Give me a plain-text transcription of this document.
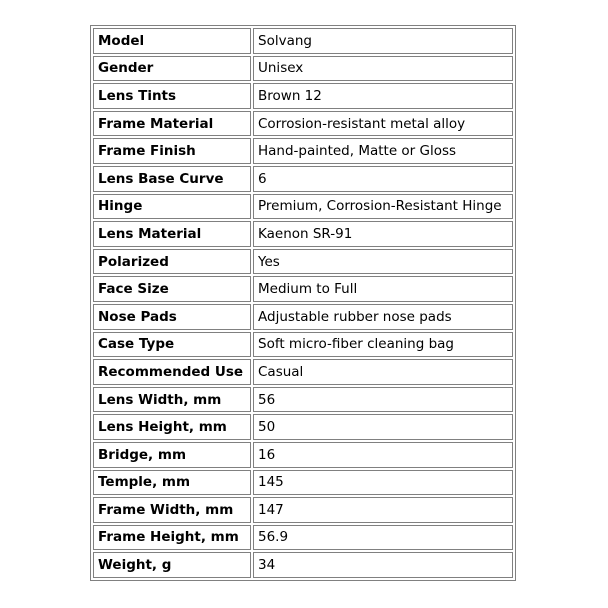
Model	Solvang
Gender	Unisex
Lens Tints	Brown 12
Frame Material	Corrosion-resistant metal alloy
Frame Finish	Hand-painted, Matte or Gloss
Lens Base Curve	6
Hinge	Premium, Corrosion-Resistant Hinge
Lens Material	Kaenon SR-91
Polarized	Yes
Face Size	Medium to Full
Nose Pads	Adjustable rubber nose pads
Case Type	Soft micro-fiber cleaning bag
Recommended Use	Casual
Lens Width, mm	56
Lens Height, mm	50
Bridge, mm	16
Temple, mm	145
Frame Width, mm	147
Frame Height, mm	56.9
Weight, g	34
